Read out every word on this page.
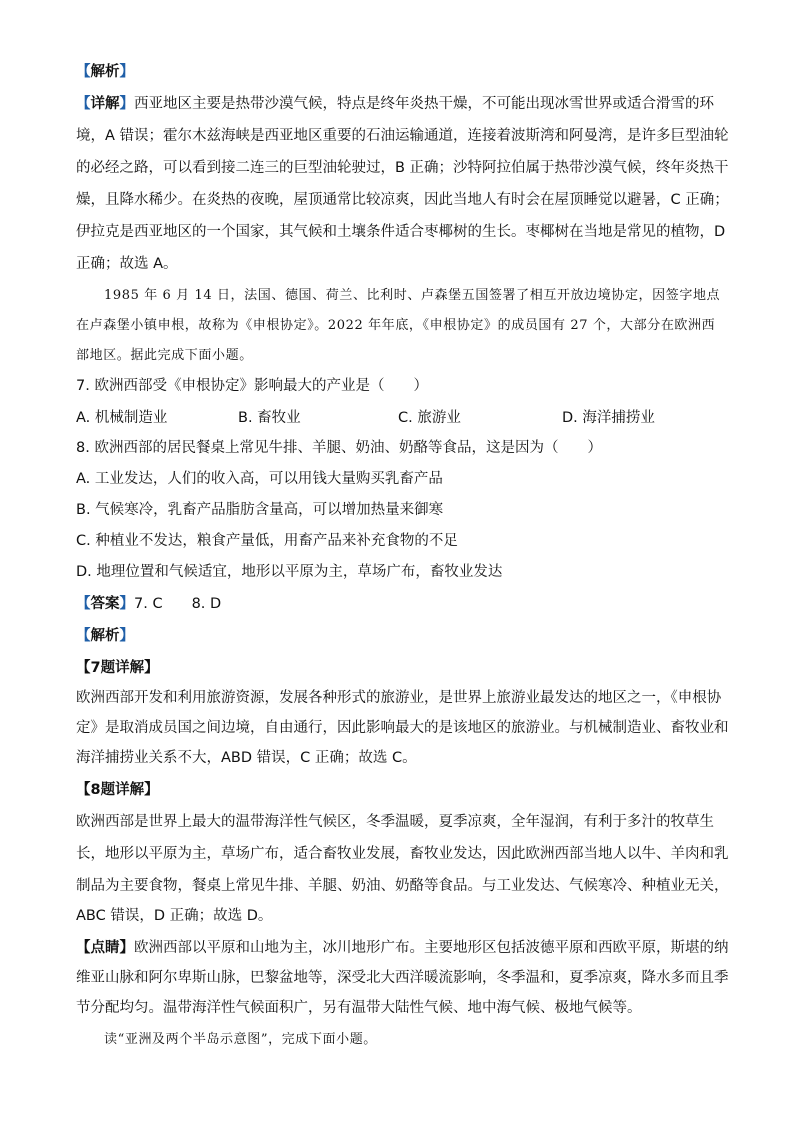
【解析】
【详解】西亚地区主要是热带沙漠气候，特点是终年炎热干燥，不可能出现冰雪世界或适合滑雪的环
境，A 错误；霍尔木兹海峡是西亚地区重要的石油运输通道，连接着波斯湾和阿曼湾，是许多巨型油轮
的必经之路，可以看到接二连三的巨型油轮驶过，B 正确；沙特阿拉伯属于热带沙漠气候，终年炎热干
燥，且降水稀少。在炎热的夜晚，屋顶通常比较凉爽，因此当地人有时会在屋顶睡觉以避暑，C 正确；
伊拉克是西亚地区的一个国家，其气候和土壤条件适合枣椰树的生长。枣椰树在当地是常见的植物，D
正确；故选 A。
1985 年 6 月 14 日，法国、德国、荷兰、比利时、卢森堡五国签署了相互开放边境协定，因签字地点
在卢森堡小镇申根，故称为《申根协定》。2022 年年底，《申根协定》的成员国有 27 个，大部分在欧洲西
部地区。据此完成下面小题。
7. 欧洲西部受《申根协定》影响最大的产业是（　　）
A. 机械制造业	B. 畜牧业	C. 旅游业	D. 海洋捕捞业
8. 欧洲西部的居民餐桌上常见牛排、羊腿、奶油、奶酪等食品，这是因为（　　）
A. 工业发达，人们的收入高，可以用钱大量购买乳畜产品
B. 气候寒冷，乳畜产品脂肪含量高，可以增加热量来御寒
C. 种植业不发达，粮食产量低，用畜产品来补充食物的不足
D. 地理位置和气候适宜，地形以平原为主，草场广布，畜牧业发达
【答案】7. C　　8. D
【解析】
【7题详解】
欧洲西部开发和利用旅游资源，发展各种形式的旅游业，是世界上旅游业最发达的地区之一，《申根协
定》是取消成员国之间边境，自由通行，因此影响最大的是该地区的旅游业。与机械制造业、畜牧业和
海洋捕捞业关系不大，ABD 错误，C 正确；故选 C。
【8题详解】
欧洲西部是世界上最大的温带海洋性气候区，冬季温暖，夏季凉爽，全年湿润，有利于多汁的牧草生
长，地形以平原为主，草场广布，适合畜牧业发展，畜牧业发达，因此欧洲西部当地人以牛、羊肉和乳
制品为主要食物，餐桌上常见牛排、羊腿、奶油、奶酪等食品。与工业发达、气候寒冷、种植业无关，
ABC 错误，D 正确；故选 D。
【点睛】欧洲西部以平原和山地为主，冰川地形广布。主要地形区包括波德平原和西欧平原，斯堪的纳
维亚山脉和阿尔卑斯山脉，巴黎盆地等，深受北大西洋暖流影响，冬季温和，夏季凉爽，降水多而且季
节分配均匀。温带海洋性气候面积广，另有温带大陆性气候、地中海气候、极地气候等。
读“亚洲及两个半岛示意图”，完成下面小题。
